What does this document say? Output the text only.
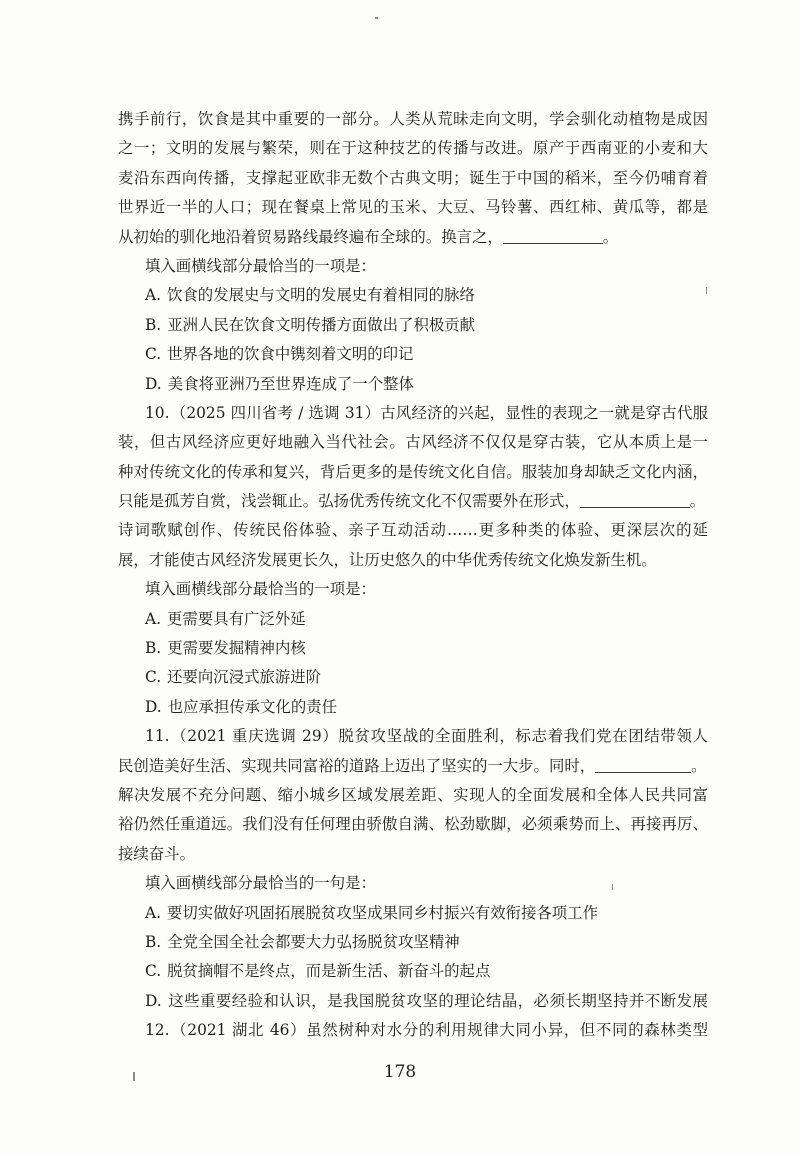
携手前行，饮食是其中重要的一部分。人类从荒昧走向文明，学会驯化动植物是成因
之一；文明的发展与繁荣，则在于这种技艺的传播与改进。原产于西南亚的小麦和大
麦沿东西向传播，支撑起亚欧非无数个古典文明；诞生于中国的稻米，至今仍哺育着
世界近一半的人口；现在餐桌上常见的玉米、大豆、马铃薯、西红柿、黄瓜等，都是
从初始的驯化地沿着贸易路线最终遍布全球的。换言之，	。
填入画横线部分最恰当的一项是：
A. 饮食的发展史与文明的发展史有着相同的脉络
B. 亚洲人民在饮食文明传播方面做出了积极贡献
C. 世界各地的饮食中镌刻着文明的印记
D. 美食将亚洲乃至世界连成了一个整体
10.（2025 四川省考 / 选调 31）古风经济的兴起，显性的表现之一就是穿古代服
装，但古风经济应更好地融入当代社会。古风经济不仅仅是穿古装，它从本质上是一
种对传统文化的传承和复兴，背后更多的是传统文化自信。服装加身却缺乏文化内涵，
只能是孤芳自赏，浅尝辄止。弘扬优秀传统文化不仅需要外在形式，	。
诗词歌赋创作、传统民俗体验、亲子互动活动……更多种类的体验、更深层次的延
展，才能使古风经济发展更长久，让历史悠久的中华优秀传统文化焕发新生机。
填入画横线部分最恰当的一项是：
A. 更需要具有广泛外延
B. 更需要发掘精神内核
C. 还要向沉浸式旅游进阶
D. 也应承担传承文化的责任
11.（2021 重庆选调 29）脱贫攻坚战的全面胜利，标志着我们党在团结带领人
民创造美好生活、实现共同富裕的道路上迈出了坚实的一大步。同时，	。
解决发展不充分问题、缩小城乡区域发展差距、实现人的全面发展和全体人民共同富
裕仍然任重道远。我们没有任何理由骄傲自满、松劲歇脚，必须乘势而上、再接再厉、
接续奋斗。
填入画横线部分最恰当的一句是：
A. 要切实做好巩固拓展脱贫攻坚成果同乡村振兴有效衔接各项工作
B. 全党全国全社会都要大力弘扬脱贫攻坚精神
C. 脱贫摘帽不是终点，而是新生活、新奋斗的起点
D. 这些重要经验和认识，是我国脱贫攻坚的理论结晶，必须长期坚持并不断发展
12.（2021 湖北 46）虽然树种对水分的利用规律大同小异，但不同的森林类型
178
